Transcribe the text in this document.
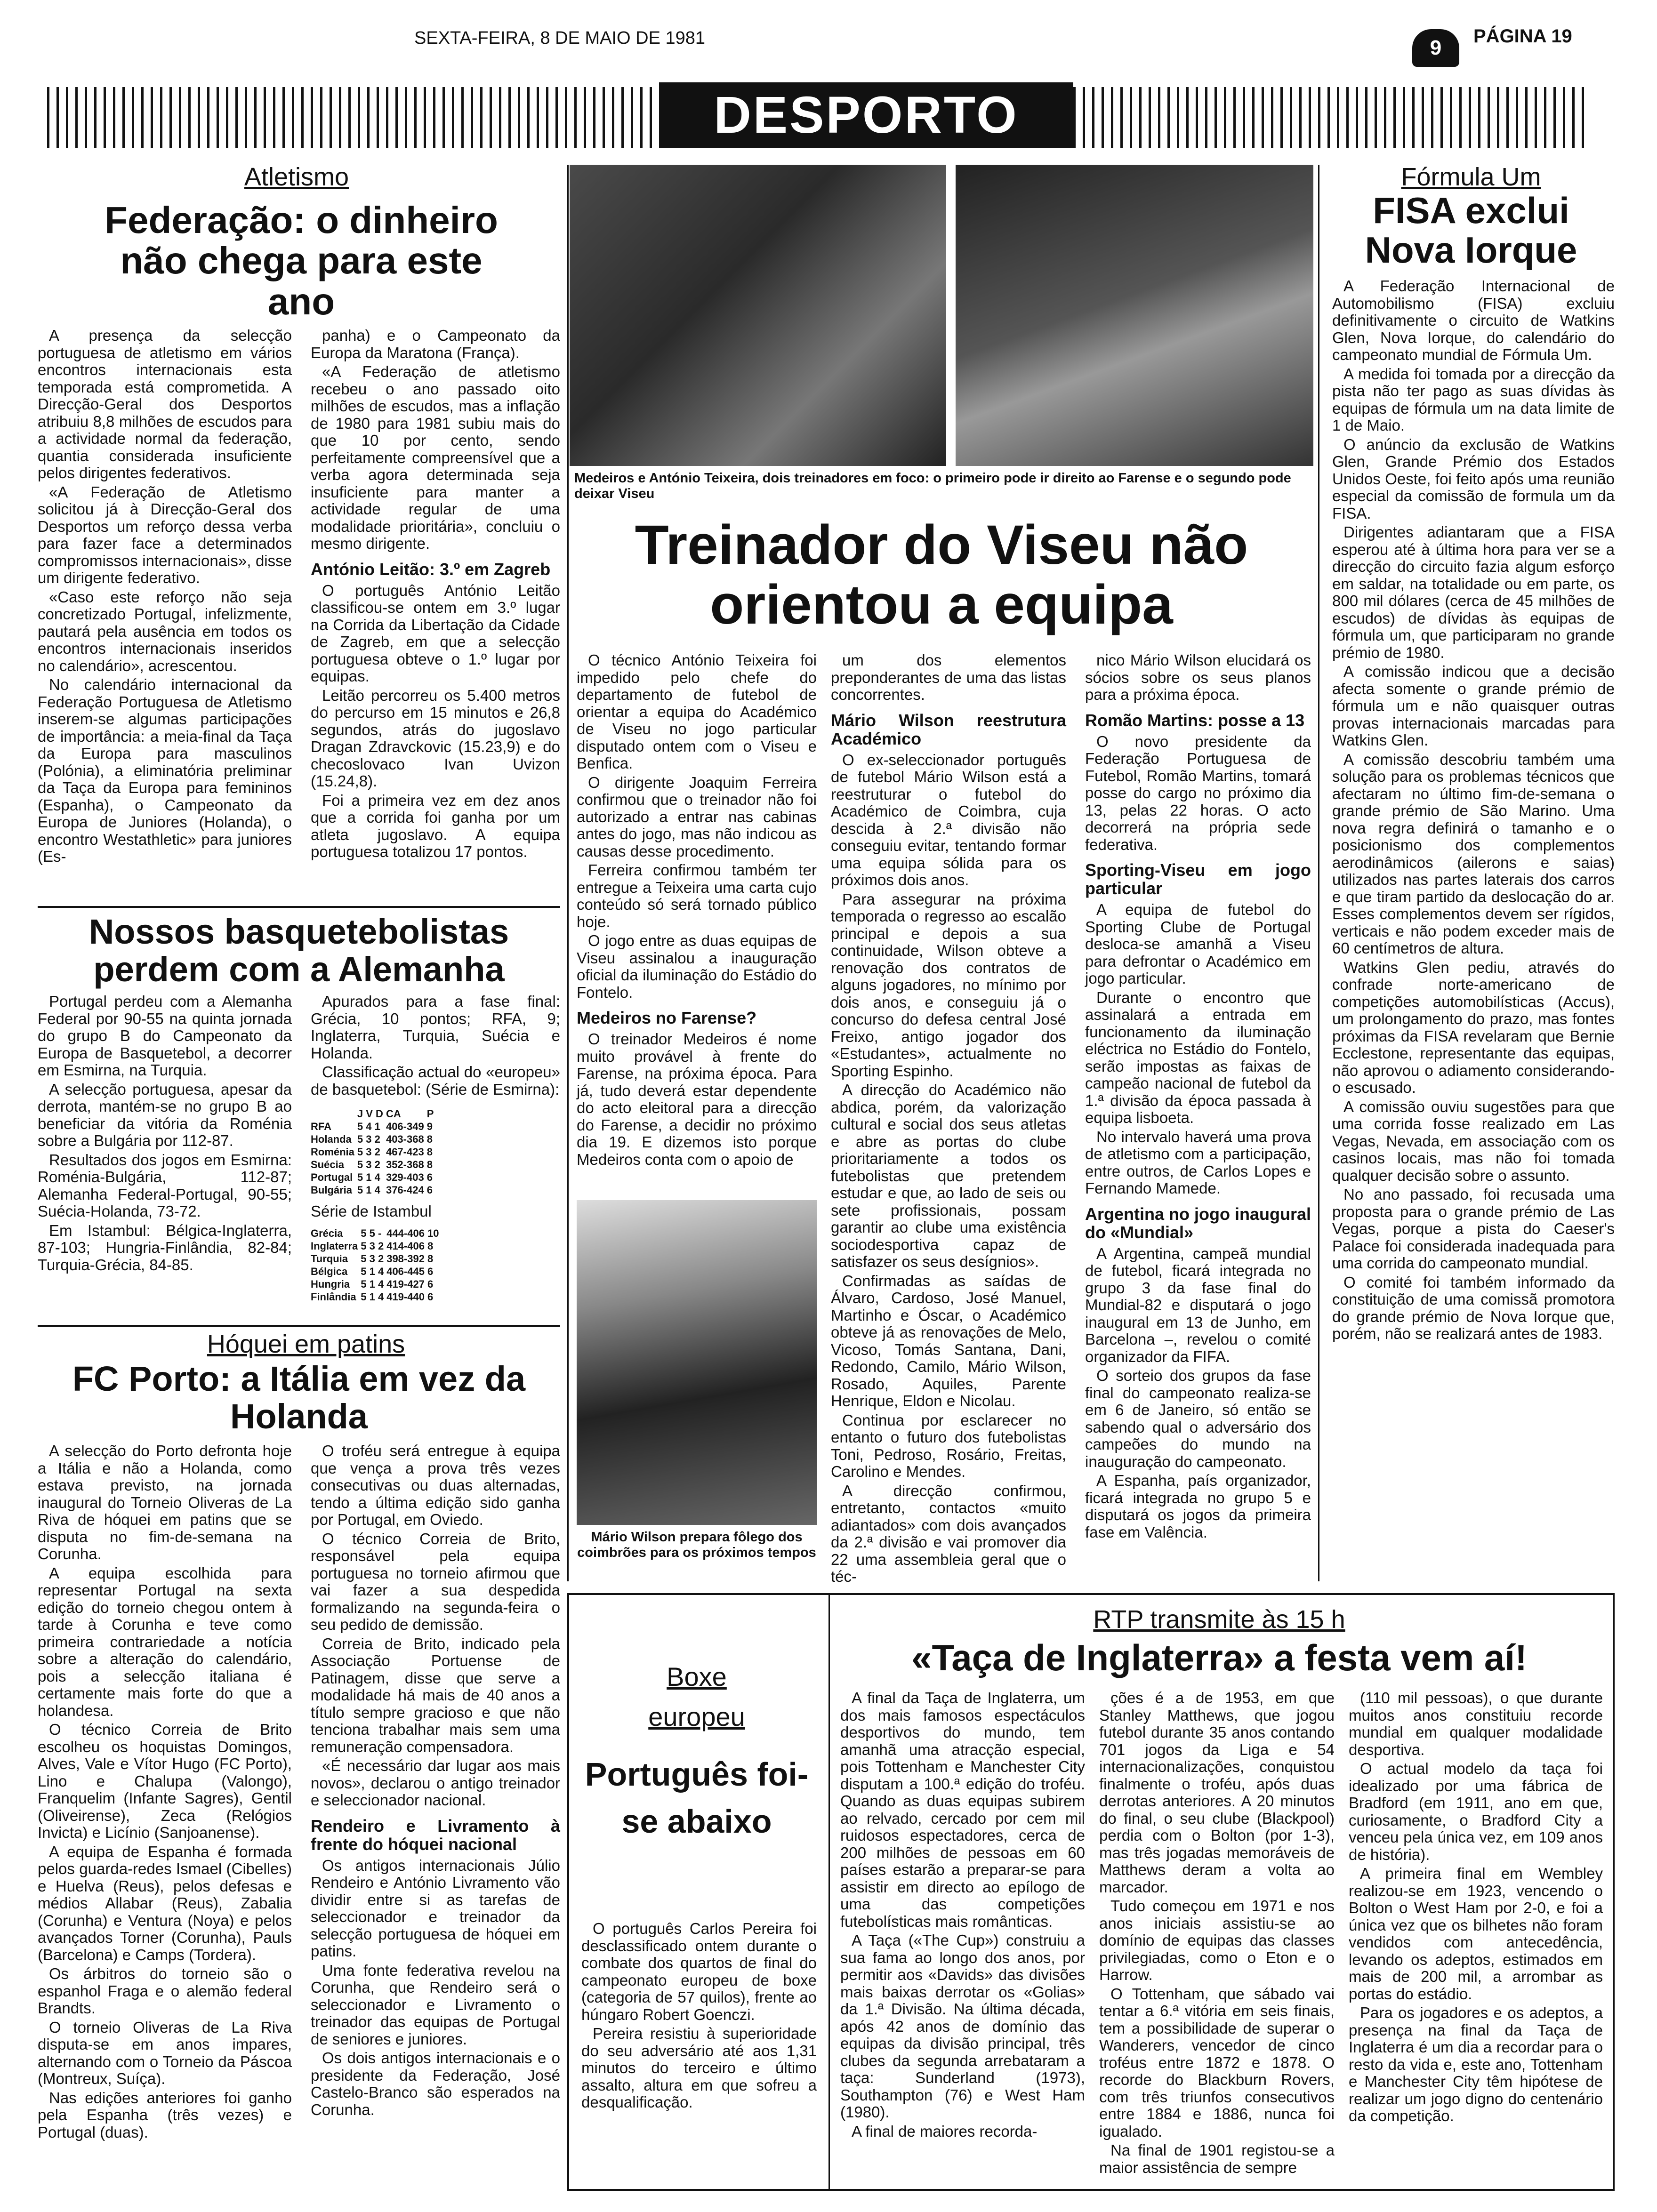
SEXTA-FEIRA, 8 DE MAIO DE 1981	9	PÁGINA 19
DESPORTO
Atletismo
Federação: o dinheiro não chega para este ano

A presença da selecção portuguesa de atletismo em vários encontros internacionais esta temporada está comprometida. A Direcção-Geral dos Desportos atribuiu 8,8 milhões de escudos para a actividade normal da federação, quantia considerada insuficiente pelos dirigentes federativos.

«A Federação de Atletismo solicitou já à Direcção-Geral dos Desportos um reforço dessa verba para fazer face a determinados compromissos internacionais», disse um dirigente federativo.

«Caso este reforço não seja concretizado Portugal, infelizmente, pautará pela ausência em todos os encontros internacionais inseridos no calendário», acrescentou.

No calendário internacional da Federação Portuguesa de Atletismo inserem-se algumas participações de importância: a meia-final da Taça da Europa para masculinos (Polónia), a eliminatória preliminar da Taça da Europa para femininos (Espanha), o Campeonato da Europa de Juniores (Holanda), o encontro Westathletic» para juniores (Es-

panha) e o Campeonato da Europa da Maratona (França).

«A Federação de atletismo recebeu o ano passado oito milhões de escudos, mas a inflação de 1980 para 1981 subiu mais do que 10 por cento, sendo perfeitamente compreensível que a verba agora determinada seja insuficiente para manter a actividade regular de uma modalidade prioritária», concluiu o mesmo dirigente.

António Leitão: 3.º em Zagreb

O português António Leitão classificou-se ontem em 3.º lugar na Corrida da Libertação da Cidade de Zagreb, em que a selecção portuguesa obteve o 1.º lugar por equipas.

Leitão percorreu os 5.400 metros do percurso em 15 minutos e 26,8 segundos, atrás do jugoslavo Dragan Zdravckovic (15.23,9) e do checoslovaco Ivan Uvizon (15.24,8).

Foi a primeira vez em dez anos que a corrida foi ganha por um atleta jugoslavo. A equipa portuguesa totalizou 17 pontos.

Nossos basquetebolistas perdem com a Alemanha

Portugal perdeu com a Alemanha Federal por 90-55 na quinta jornada do grupo B do Campeonato da Europa de Basquetebol, a decorrer em Esmirna, na Turquia.

A selecção portuguesa, apesar da derrota, mantém-se no grupo B ao beneficiar da vitória da Roménia sobre a Bulgária por 112-87.

Resultados dos jogos em Esmirna: Roménia-Bulgária, 112-87; Alemanha Federal-Portugal, 90-55; Suécia-Holanda, 73-72.

Em Istambul: Bélgica-Inglaterra, 87-103; Hungria-Finlândia, 82-84; Turquia-Grécia, 84-85.

Apurados para a fase final: Grécia, 10 pontos; RFA, 9; Inglaterra, Turquia, Suécia e Holanda.

Classificação actual do «europeu» de basquetebol: (Série de Esmirna):

	J V D	CA	P
RFA	5 4 1	406-349	9
Holanda	5 3 2	403-368	8
Roménia	5 3 2	467-423	8
Suécia	5 3 2	352-368	8
Portugal	5 1 4	329-403	6
Bulgária	5 1 4	376-424	6

Série de Istambul

Grécia	5 5 -	444-406	10
Inglaterra	5 3 2	414-406	8
Turquia	5 3 2	398-392	8
Bélgica	5 1 4	406-445	6
Hungria	5 1 4	419-427	6
Finlândia	5 1 4	419-440	6
Hóquei em patins
FC Porto: a Itália em vez da Holanda

A selecção do Porto defronta hoje a Itália e não a Holanda, como estava previsto, na jornada inaugural do Torneio Oliveras de La Riva de hóquei em patins que se disputa no fim-de-semana na Corunha.

A equipa escolhida para representar Portugal na sexta edição do torneio chegou ontem à tarde à Corunha e teve como primeira contrariedade a notícia sobre a alteração do calendário, pois a selecção italiana é certamente mais forte do que a holandesa.

O técnico Correia de Brito escolheu os hoquistas Domingos, Alves, Vale e Vítor Hugo (FC Porto), Lino e Chalupa (Valongo), Franquelim (Infante Sagres), Gentil (Oliveirense), Zeca (Relógios Invicta) e Licínio (Sanjoanense).

A equipa de Espanha é formada pelos guarda-redes Ismael (Cibelles) e Huelva (Reus), pelos defesas e médios Allabar (Reus), Zabalia (Corunha) e Ventura (Noya) e pelos avançados Torner (Corunha), Pauls (Barcelona) e Camps (Tordera).

Os árbitros do torneio são o espanhol Fraga e o alemão federal Brandts.

O torneio Oliveras de La Riva disputa-se em anos impares, alternando com o Torneio da Páscoa (Montreux, Suíça).

Nas edições anteriores foi ganho pela Espanha (três vezes) e Portugal (duas).

O troféu será entregue à equipa que vença a prova três vezes consecutivas ou duas alternadas, tendo a última edição sido ganha por Portugal, em Oviedo.

O técnico Correia de Brito, responsável pela equipa portuguesa no torneio afirmou que vai fazer a sua despedida formalizando na segunda-feira o seu pedido de demissão.

Correia de Brito, indicado pela Associação Portuense de Patinagem, disse que serve a modalidade há mais de 40 anos a título sempre gracioso e que não tenciona trabalhar mais sem uma remuneração compensadora.

«É necessário dar lugar aos mais novos», declarou o antigo treinador e seleccionador nacional.

Rendeiro e Livramento à frente do hóquei nacional

Os antigos internacionais Júlio Rendeiro e António Livramento vão dividir entre si as tarefas de seleccionador e treinador da selecção portuguesa de hóquei em patins.

Uma fonte federativa revelou na Corunha, que Rendeiro será o seleccionador e Livramento o treinador das equipas de Portugal de seniores e juniores.

Os dois antigos internacionais e o presidente da Federação, José Castelo-Branco são esperados na Corunha.

Medeiros e António Teixeira, dois treinadores em foco: o primeiro pode ir direito ao Farense e o segundo pode deixar Viseu
Treinador do Viseu não orientou a equipa

O técnico António Teixeira foi impedido pelo chefe do departamento de futebol de orientar a equipa do Académico de Viseu no jogo particular disputado ontem com o Viseu e Benfica.

O dirigente Joaquim Ferreira confirmou que o treinador não foi autorizado a entrar nas cabinas antes do jogo, mas não indicou as causas desse procedimento.

Ferreira confirmou também ter entregue a Teixeira uma carta cujo conteúdo só será tornado público hoje.

O jogo entre as duas equipas de Viseu assinalou a inauguração oficial da iluminação do Estádio do Fontelo.

Medeiros no Farense?

O treinador Medeiros é nome muito provável à frente do Farense, na próxima época. Para já, tudo deverá estar dependente do acto eleitoral para a direcção do Farense, a decidir no próximo dia 19. E dizemos isto porque Medeiros conta com o apoio de

Mário Wilson prepara fôlego dos coimbrões para os próximos tempos

um dos elementos preponderantes de uma das listas concorrentes.

Mário Wilson reestrutura Académico

O ex-seleccionador português de futebol Mário Wilson está a reestruturar o futebol do Académico de Coimbra, cuja descida à 2.ª divisão não conseguiu evitar, tentando formar uma equipa sólida para os próximos dois anos.

Para assegurar na próxima temporada o regresso ao escalão principal e depois a sua continuidade, Wilson obteve a renovação dos contratos de alguns jogadores, no mínimo por dois anos, e conseguiu já o concurso do defesa central José Freixo, antigo jogador dos «Estudantes», actualmente no Sporting Espinho.

A direcção do Académico não abdica, porém, da valorização cultural e social dos seus atletas e abre as portas do clube prioritariamente a todos os futebolistas que pretendem estudar e que, ao lado de seis ou sete profissionais, possam garantir ao clube uma existência sociodesportiva capaz de satisfazer os seus desígnios».

Confirmadas as saídas de Álvaro, Cardoso, José Manuel, Martinho e Óscar, o Académico obteve já as renovações de Melo, Vicoso, Tomás Santana, Dani, Redondo, Camilo, Mário Wilson, Rosado, Aquiles, Parente Henrique, Eldon e Nicolau.

Continua por esclarecer no entanto o futuro dos futebolistas Toni, Pedroso, Rosário, Freitas, Carolino e Mendes.

A direcção confirmou, entretanto, contactos «muito adiantados» com dois avançados da 2.ª divisão e vai promover dia 22 uma assembleia geral que o téc-

nico Mário Wilson elucidará os sócios sobre os seus planos para a próxima época.

Romão Martins: posse a 13

O novo presidente da Federação Portuguesa de Futebol, Romão Martins, tomará posse do cargo no próximo dia 13, pelas 22 horas. O acto decorrerá na própria sede federativa.

Sporting-Viseu em jogo particular

A equipa de futebol do Sporting Clube de Portugal desloca-se amanhã a Viseu para defrontar o Académico em jogo particular.

Durante o encontro que assinalará a entrada em funcionamento da iluminação eléctrica no Estádio do Fontelo, serão impostas as faixas de campeão nacional de futebol da 1.ª divisão da época passada à equipa lisboeta.

No intervalo haverá uma prova de atletismo com a participação, entre outros, de Carlos Lopes e Fernando Mamede.

Argentina no jogo inaugural do «Mundial»

A Argentina, campeã mundial de futebol, ficará integrada no grupo 3 da fase final do Mundial-82 e disputará o jogo inaugural em 13 de Junho, em Barcelona –, revelou o comité organizador da FIFA.

O sorteio dos grupos da fase final do campeonato realiza-se em 6 de Janeiro, só então se sabendo qual o adversário dos campeões do mundo na inauguração do campeonato.

A Espanha, país organizador, ficará integrada no grupo 5 e disputará os jogos da primeira fase em Valência.

Fórmula Um
FISA exclui Nova Iorque

A Federação Internacional de Automobilismo (FISA) excluiu definitivamente o circuito de Watkins Glen, Nova Iorque, do calendário do campeonato mundial de Fórmula Um.

A medida foi tomada por a direcção da pista não ter pago as suas dívidas às equipas de fórmula um na data limite de 1 de Maio.

O anúncio da exclusão de Watkins Glen, Grande Prémio dos Estados Unidos Oeste, foi feito após uma reunião especial da comissão de formula um da FISA.

Dirigentes adiantaram que a FISA esperou até à última hora para ver se a direcção do circuito fazia algum esforço em saldar, na totalidade ou em parte, os 800 mil dólares (cerca de 45 milhões de escudos) de dívidas às equipas de fórmula um, que participaram no grande prémio de 1980.

A comissão indicou que a decisão afecta somente o grande prémio de fórmula um e não quaisquer outras provas internacionais marcadas para Watkins Glen.

A comissão descobriu também uma solução para os problemas técnicos que afectaram no último fim-de-semana o grande prémio de São Marino. Uma nova regra definirá o tamanho e o posicionismo dos complementos aerodinâmicos (ailerons e saias) utilizados nas partes laterais dos carros e que tiram partido da deslocação do ar. Esses complementos devem ser rígidos, verticais e não podem exceder mais de 60 centímetros de altura.

Watkins Glen pediu, através do confrade norte-americano de competições automobilísticas (Accus), um prolongamento do prazo, mas fontes próximas da FISA revelaram que Bernie Ecclestone, representante das equipas, não aprovou o adiamento considerando-o escusado.

A comissão ouviu sugestões para que uma corrida fosse realizado em Las Vegas, Nevada, em associação com os casinos locais, mas não foi tomada qualquer decisão sobre o assunto.

No ano passado, foi recusada uma proposta para o grande prémio de Las Vegas, porque a pista do Caeser's Palace foi considerada inadequada para uma corrida do campeonato mundial.

O comité foi também informado da constituição de uma comissã promotora do grande prémio de Nova Iorque que, porém, não se realizará antes de 1983.

Boxe
europeu
Português foi-se abaixo

O português Carlos Pereira foi desclassificado ontem durante o combate dos quartos de final do campeonato europeu de boxe (categoria de 57 quilos), frente ao húngaro Robert Goenczi.

Pereira resistiu à superioridade do seu adversário até aos 1,31 minutos do terceiro e último assalto, altura em que sofreu a desqualificação.

RTP transmite às 15 h
«Taça de Inglaterra» a festa vem aí!

A final da Taça de Inglaterra, um dos mais famosos espectáculos desportivos do mundo, tem amanhã uma atracção especial, pois Tottenham e Manchester City disputam a 100.ª edição do troféu. Quando as duas equipas subirem ao relvado, cercado por cem mil ruidosos espectadores, cerca de 200 milhões de pessoas em 60 países estarão a preparar-se para assistir em directo ao epílogo de uma das competições futebolísticas mais românticas.

A Taça («The Cup») construiu a sua fama ao longo dos anos, por permitir aos «Davids» das divisões mais baixas derrotar os «Golias» da 1.ª Divisão. Na última década, após 42 anos de domínio das equipas da divisão principal, três clubes da segunda arrebataram a taça: Sunderland (1973), Southampton (76) e West Ham (1980).

A final de maiores recorda-

ções é a de 1953, em que Stanley Matthews, que jogou futebol durante 35 anos contando 701 jogos da Liga e 54 internacionalizações, conquistou finalmente o troféu, após duas derrotas anteriores. A 20 minutos do final, o seu clube (Blackpool) perdia com o Bolton (por 1-3), mas três jogadas memoráveis de Matthews deram a volta ao marcador.

Tudo começou em 1971 e nos anos iniciais assistiu-se ao domínio de equipas das classes privilegiadas, como o Eton e o Harrow.

O Tottenham, que sábado vai tentar a 6.ª vitória em seis finais, tem a possibilidade de superar o Wanderers, vencedor de cinco troféus entre 1872 e 1878. O recorde do Blackburn Rovers, com três triunfos consecutivos entre 1884 e 1886, nunca foi igualado.

Na final de 1901 registou-se a maior assistência de sempre

(110 mil pessoas), o que durante muitos anos constituiu recorde mundial em qualquer modalidade desportiva.

O actual modelo da taça foi idealizado por uma fábrica de Bradford (em 1911, ano em que, curiosamente, o Bradford City a venceu pela única vez, em 109 anos de história).

A primeira final em Wembley realizou-se em 1923, vencendo o Bolton o West Ham por 2-0, e foi a única vez que os bilhetes não foram vendidos com antecedência, levando os adeptos, estimados em mais de 200 mil, a arrombar as portas do estádio.

Para os jogadores e os adeptos, a presença na final da Taça de Inglaterra é um dia a recordar para o resto da vida e, este ano, Tottenham e Manchester City têm hipótese de realizar um jogo digno do centenário da competição.
